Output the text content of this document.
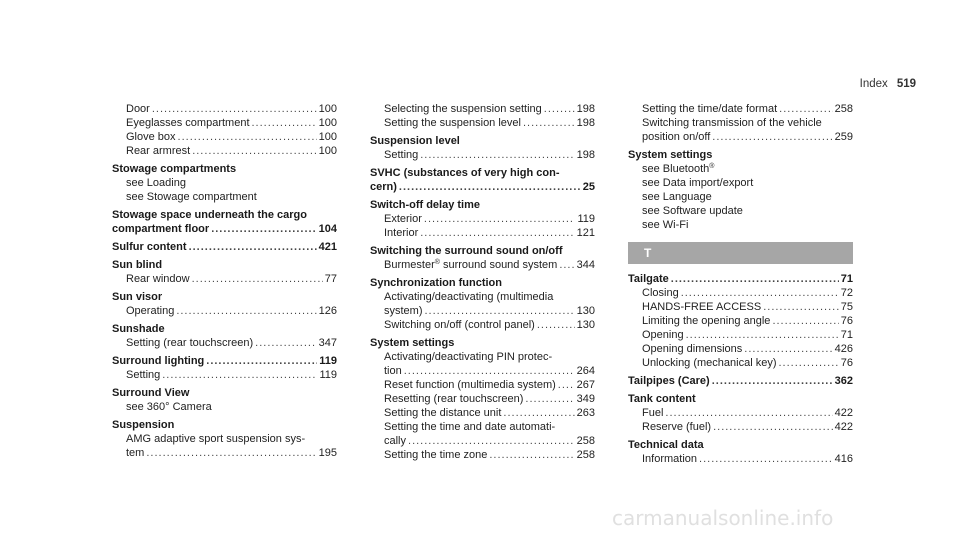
Index 519
Door .....	100
Eyeglasses compartment .....	100
Glove box .....	100
Rear armrest .....	100
Stowage compartments
see Loading
see Stowage compartment
Stowage space underneath the cargo
compartment floor .....	104
Sulfur content .....	421
Sun blind
Rear window .....	77
Sun visor
Operating .....	126
Sunshade
Setting (rear touchscreen) .....	347
Surround lighting .....	119
Setting .....	119
Surround View
see 360° Camera
Suspension
AMG adaptive sport suspension sys-
tem .....	195
Selecting the suspension setting .....	198
Setting the suspension level .....	198
Suspension level
Setting .....	198
SVHC (substances of very high con-
cern) .....	25
Switch-off delay time
Exterior .....	119
Interior .....	121
Switching the surround sound on/off
Burmester® surround sound system ..... 344
Synchronization function
Activating/deactivating (multimedia
system) .....	130
Switching on/off (control panel) .....	130
System settings
Activating/deactivating PIN protec-
tion .....	264
Reset function (multimedia system) ..... 267
Resetting (rear touchscreen) .....	349
Setting the distance unit .....	263
Setting the time and date automati-
cally .....	258
Setting the time zone .....	258
Setting the time/date format .....	258
Switching transmission of the vehicle
position on/off .....	259
System settings
see Bluetooth®
see Data import/export
see Language
see Software update
see Wi-Fi
T
Tailgate .....	71
Closing .....	72
HANDS-FREE ACCESS .....	75
Limiting the opening angle .....	76
Opening .....	71
Opening dimensions .....	426
Unlocking (mechanical key) .....	76
Tailpipes (Care) .....	362
Tank content
Fuel .....	422
Reserve (fuel) .....	422
Technical data
Information .....	416
carmanualsonline.info
